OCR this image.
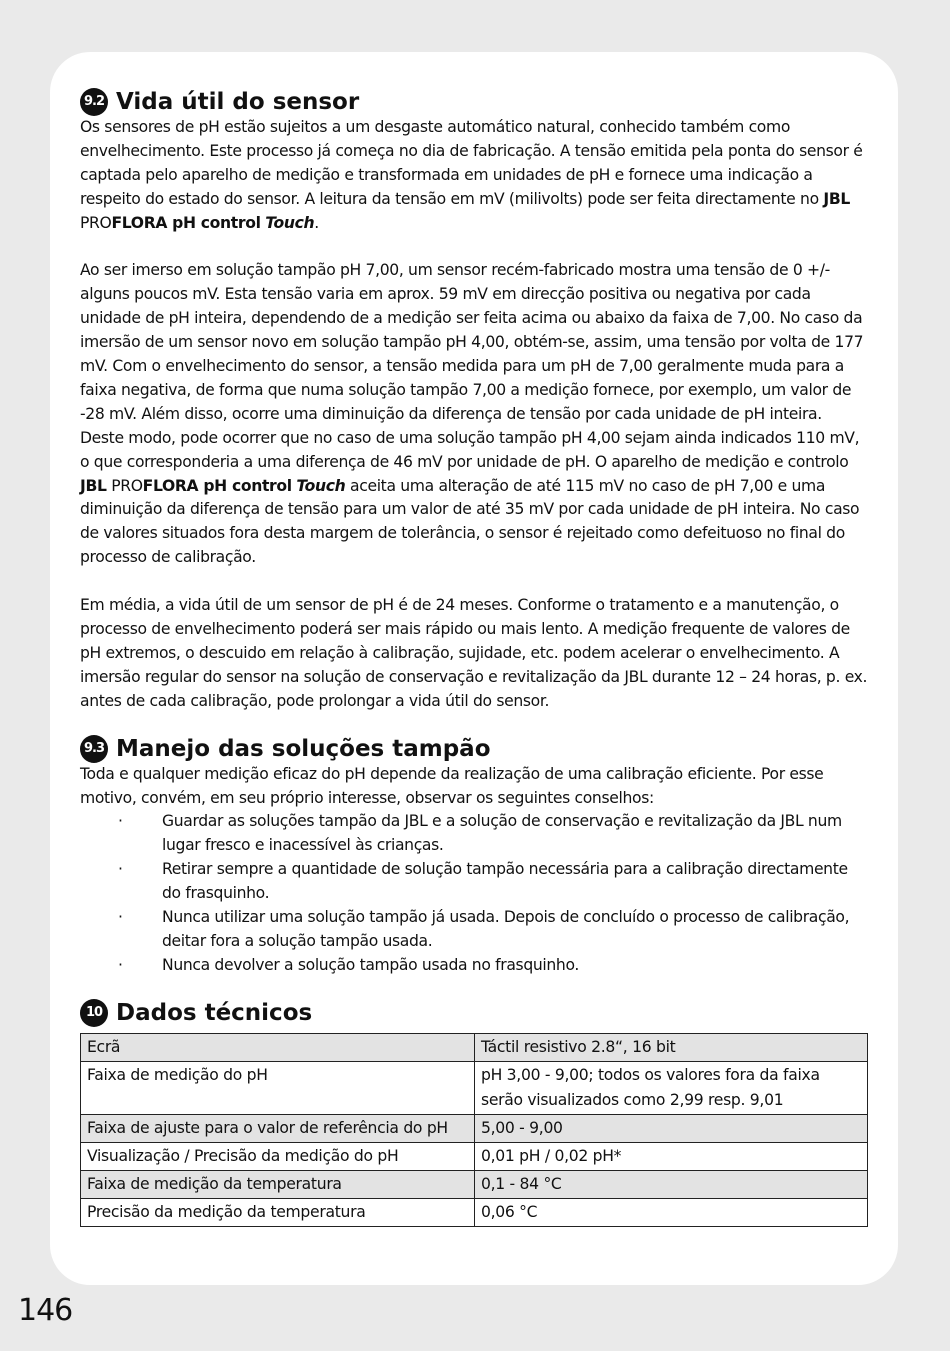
9.2 Vida útil do sensor

Os sensores de pH estão sujeitos a um desgaste automático natural, conhecido também como envelhecimento. Este processo já começa no dia de fabricação. A tensão emitida pela ponta do sensor é captada pelo aparelho de medição e transformada em unidades de pH e fornece uma indicação a respeito do estado do sensor. A leitura da tensão em mV (milivolts) pode ser feita directamente no JBL PROFLORA pH control Touch.

Ao ser imerso em solução tampão pH 7,00, um sensor recém-fabricado mostra uma tensão de 0 +/- alguns poucos mV. Esta tensão varia em aprox. 59 mV em direcção positiva ou negativa por cada unidade de pH inteira, dependendo de a medição ser feita acima ou abaixo da faixa de 7,00. No caso da imersão de um sensor novo em solução tampão pH 4,00, obtém-se, assim, uma tensão por volta de 177 mV. Com o envelhecimento do sensor, a tensão medida para um pH de 7,00 geralmente muda para a faixa negativa, de forma que numa solução tampão 7,00 a medição fornece, por exemplo, um valor de -28 mV. Além disso, ocorre uma diminuição da diferença de tensão por cada unidade de pH inteira. Deste modo, pode ocorrer que no caso de uma solução tampão pH 4,00 sejam ainda indicados 110 mV, o que corresponderia a uma diferença de 46 mV por unidade de pH. O aparelho de medição e controlo JBL PROFLORA pH control Touch aceita uma alteração de até 115 mV no caso de pH 7,00 e uma diminuição da diferença de tensão para um valor de até 35 mV por cada unidade de pH inteira. No caso de valores situados fora desta margem de tolerância, o sensor é rejeitado como defeituoso no final do processo de calibração.

Em média, a vida útil de um sensor de pH é de 24 meses. Conforme o tratamento e a manutenção, o processo de envelhecimento poderá ser mais rápido ou mais lento. A medição frequente de valores de pH extremos, o descuido em relação à calibração, sujidade, etc. podem acelerar o envelhecimento. A imersão regular do sensor na solução de conservação e revitalização da JBL durante 12 – 24 horas, p. ex. antes de cada calibração, pode prolongar a vida útil do sensor.

9.3 Manejo das soluções tampão

Toda e qualquer medição eficaz do pH depende da realização de uma calibração eficiente. Por esse motivo, convém, em seu próprio interesse, observar os seguintes conselhos:

·	Guardar as soluções tampão da JBL e a solução de conservação e revitalização da JBL num lugar fresco e inacessível às crianças.
·	Retirar sempre a quantidade de solução tampão necessária para a calibração directamente do frasquinho.
·	Nunca utilizar uma solução tampão já usada. Depois de concluído o processo de calibração, deitar fora a solução tampão usada.
·	Nunca devolver a solução tampão usada no frasquinho.
10 Dados técnicos
Ecrã	Táctil resistivo 2.8“, 16 bit
Faixa de medição do pH	pH 3,00 - 9,00; todos os valores fora da faixa serão visualizados como 2,99 resp. 9,01
Faixa de ajuste para o valor de referência do pH	5,00 - 9,00
Visualização / Precisão da medição do pH	0,01 pH / 0,02 pH*
Faixa de medição da temperatura	0,1 - 84 °C
Precisão da medição da temperatura	0,06 °C
146
